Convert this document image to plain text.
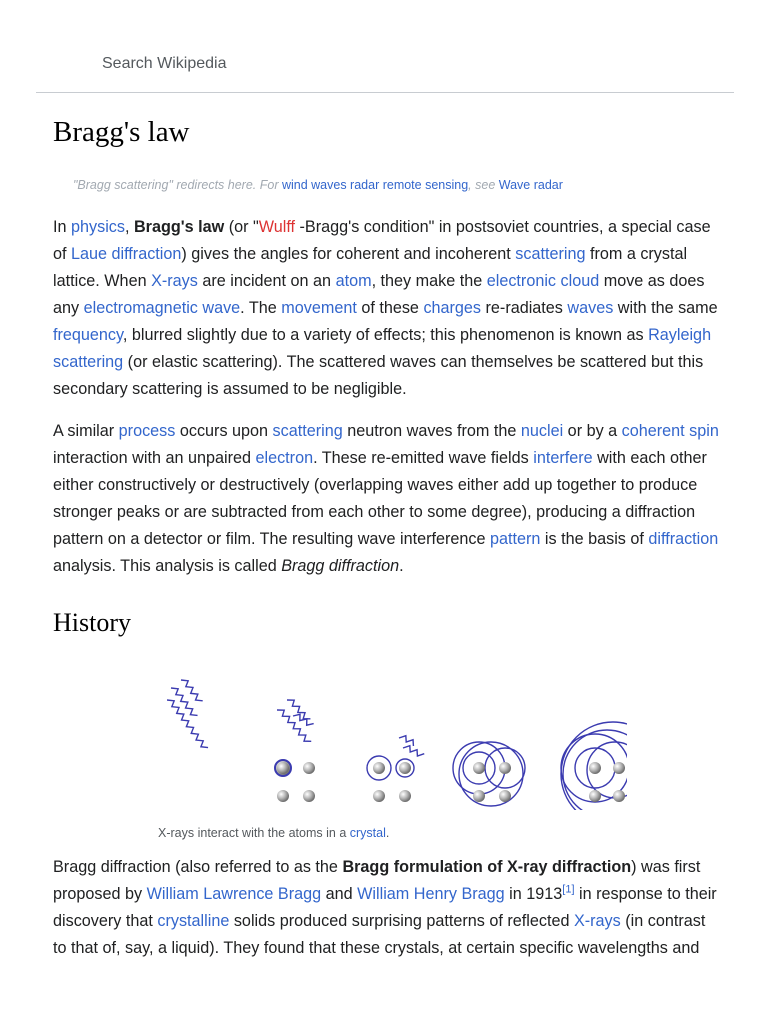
Search Wikipedia
Bragg's law
"Bragg scattering" redirects here. For wind waves radar remote sensing, see Wave radar

In physics, Bragg's law (or "Wulff -Bragg's condition" in postsoviet countries, a special case of Laue diffraction) gives the angles for coherent and incoherent scattering from a crystal lattice. When X-rays are incident on an atom, they make the electronic cloud move as does any electromagnetic wave. The movement of these charges re-radiates waves with the same frequency, blurred slightly due to a variety of effects; this phenomenon is known as Rayleigh scattering (or elastic scattering). The scattered waves can themselves be scattered but this secondary scattering is assumed to be negligible.

A similar process occurs upon scattering neutron waves from the nuclei or by a coherent spin interaction with an unpaired electron. These re-emitted wave fields interfere with each other either constructively or destructively (overlapping waves either add up together to produce stronger peaks or are subtracted from each other to some degree), producing a diffraction pattern on a detector or film. The resulting wave interference pattern is the basis of diffraction analysis. This analysis is called Bragg diffraction.

History
X-rays interact with the atoms in a crystal.

Bragg diffraction (also referred to as the Bragg formulation of X-ray diffraction) was first proposed by William Lawrence Bragg and William Henry Bragg in 1913[1] in response to their discovery that crystalline solids produced surprising patterns of reflected X-rays (in contrast to that of, say, a liquid). They found that these crystals, at certain specific wavelengths and
